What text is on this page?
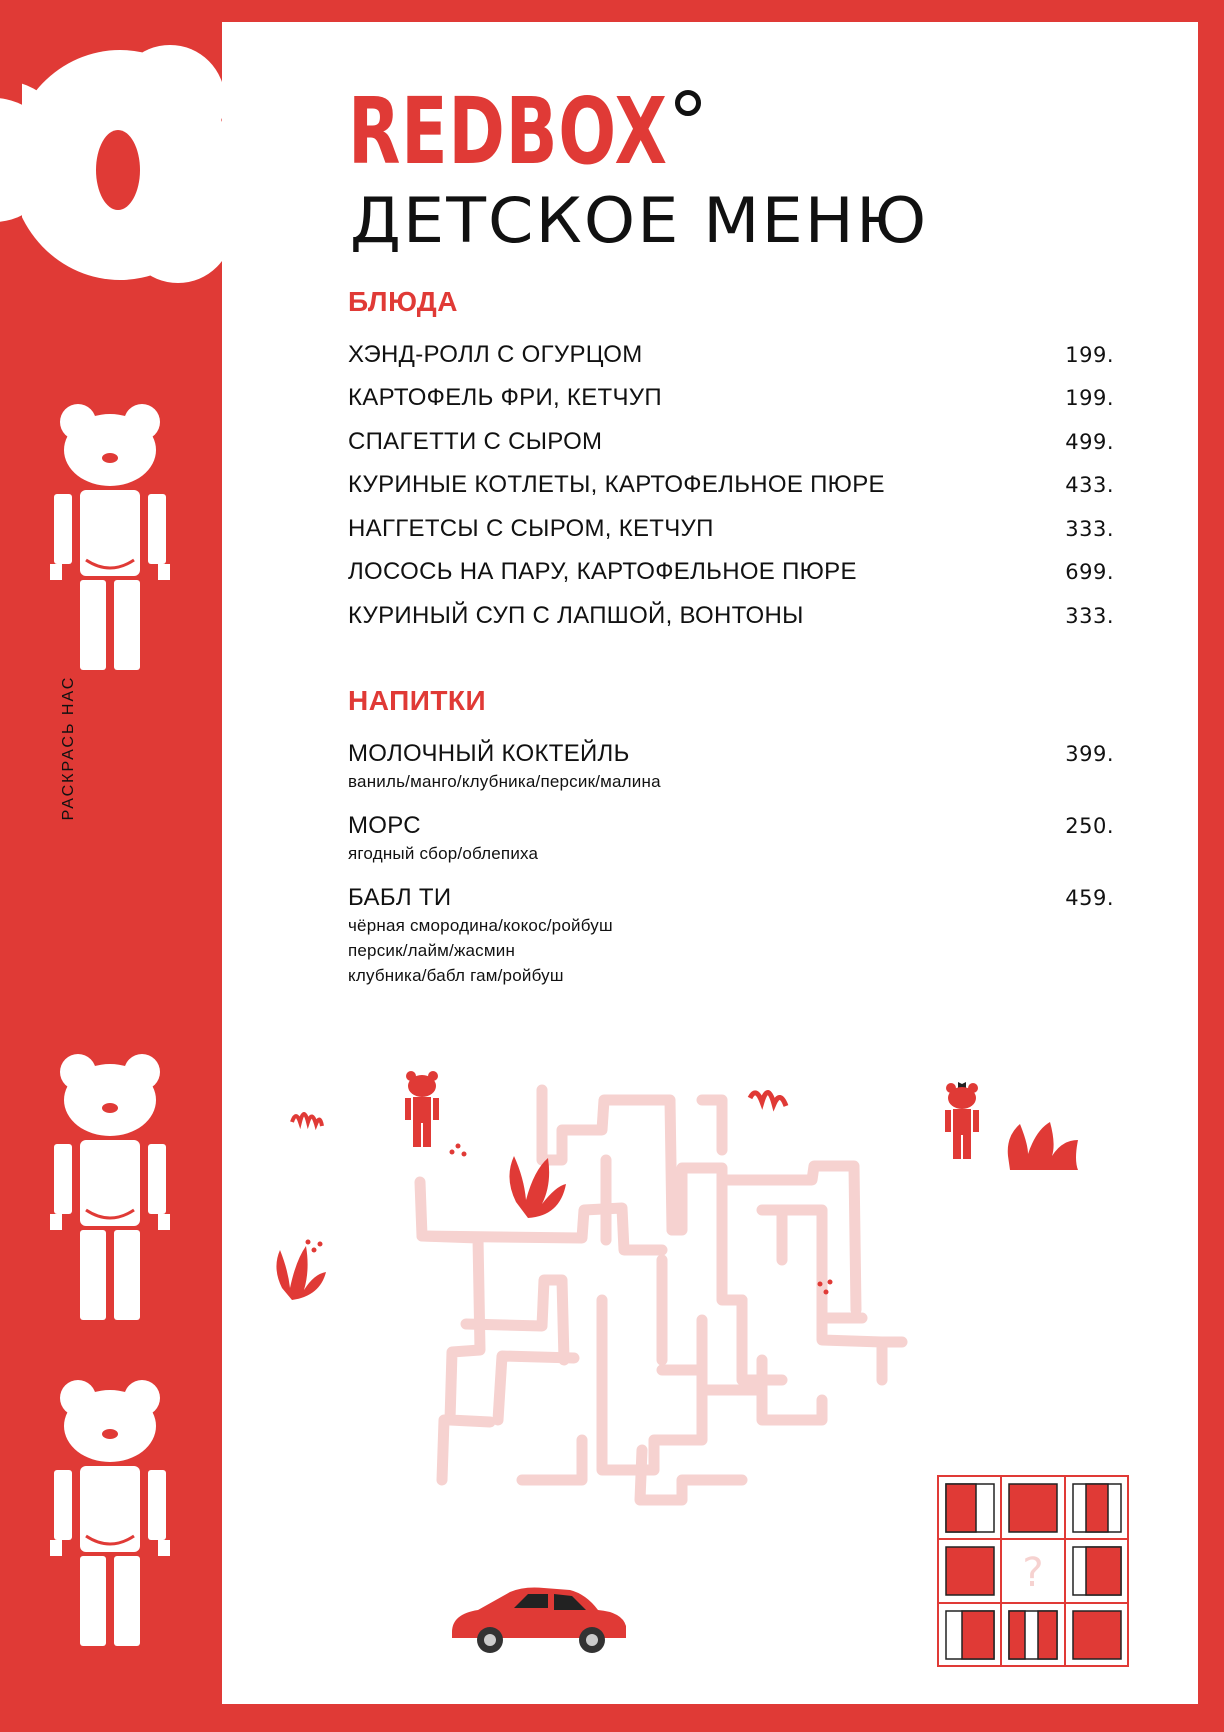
РАСКРАСЬ НАС
REDBOX
ДЕТСКОЕ МЕНЮ
БЛЮДА
ХЭНД-РОЛЛ С ОГУРЦОМ	199.
КАРТОФЕЛЬ ФРИ, КЕТЧУП	199.
СПАГЕТТИ С СЫРОМ	499.
КУРИНЫЕ КОТЛЕТЫ, КАРТОФЕЛЬНОЕ ПЮРЕ	433.
НАГГЕТСЫ С СЫРОМ, КЕТЧУП	333.
ЛОСОСЬ НА ПАРУ, КАРТОФЕЛЬНОЕ ПЮРЕ	699.
КУРИНЫЙ СУП С ЛАПШОЙ, ВОНТОНЫ	333.
НАПИТКИ
МОЛОЧНЫЙ КОКТЕЙЛЬ	399.
ваниль/манго/клубника/персик/малина
МОРС	250.
ягодный сбор/облепиха
БАБЛ ТИ	459.
чёрная смородина/кокос/ройбуш
персик/лайм/жасмин
клубника/бабл гам/ройбуш
?
